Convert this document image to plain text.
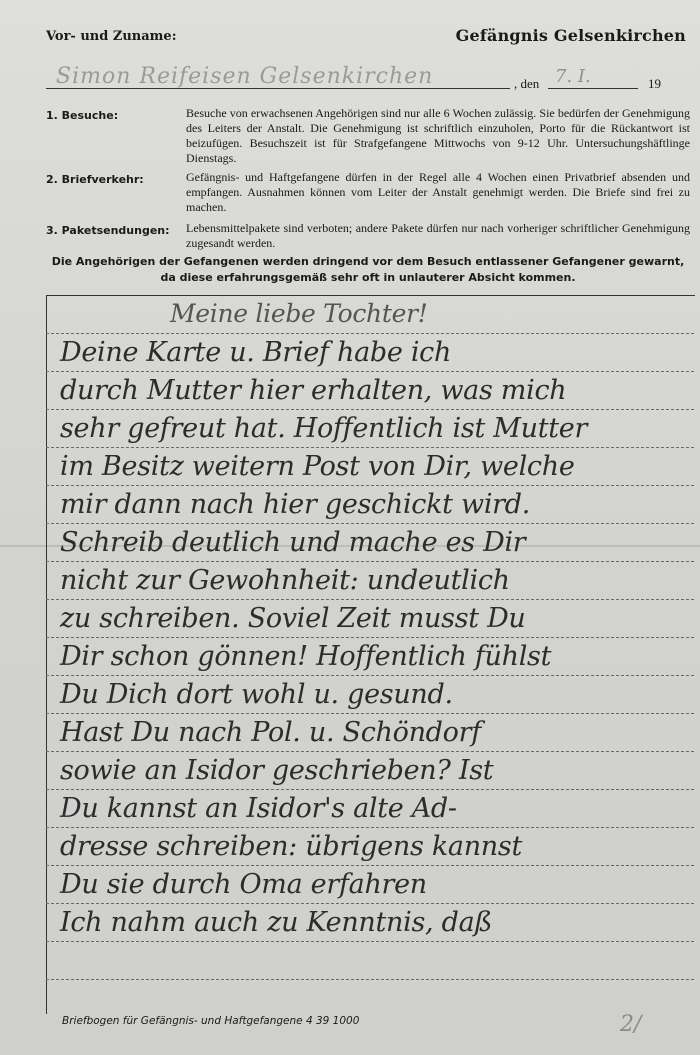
Vor- und Zuname:	Gefängnis Gelsenkirchen
Simon Reifeisen Gelsenkirchen	, den 7. I.	19
1. Besuche:	Besuche von erwachsenen Angehörigen sind nur alle 6 Wochen zulässig. Sie bedürfen der Genehmigung des Leiters der Anstalt. Die Genehmigung ist schriftlich einzuholen, Porto für die Rückantwort ist beizufügen. Besuchszeit ist für Strafgefangene Mittwochs von 9-12 Uhr. Untersuchungshäftlinge Dienstags.
2. Briefverkehr:	Gefängnis- und Haftgefangene dürfen in der Regel alle 4 Wochen einen Privatbrief absenden und empfangen. Ausnahmen können vom Leiter der Anstalt genehmigt werden. Die Briefe sind frei zu machen.
3. Paketsendungen: Lebensmittelpakete sind verboten; andere Pakete dürfen nur nach vorheriger schriftlicher Genehmigung zugesandt werden.
Die Angehörigen der Gefangenen werden dringend vor dem Besuch entlassener Gefangener gewarnt, da diese erfahrungsgemäß sehr oft in unlauterer Absicht kommen.
Meine liebe Tochter!
Deine Karte u. Brief habe ich
durch Mutter hier erhalten, was mich
sehr gefreut hat. Hoffentlich ist Mutter
im Besitz weitern Post von Dir, welche
mir dann nach hier geschickt wird.
Schreib deutlich und mache es Dir
nicht zur Gewohnheit: undeutlich
zu schreiben. Soviel Zeit musst Du
Dir schon gönnen! Hoffentlich fühlst
Du Dich dort wohl u. gesund.
Hast Du nach Pol. u. Schöndorf
sowie an Isidor geschrieben? Ist
Du kannst an Isidor's alte Ad-
dresse schreiben: übrigens kannst
Du sie durch Oma erfahren
Ich nahm auch zu Kenntnis, daß
Briefbogen für Gefängnis- und Haftgefangene 4 39 1000	2/
